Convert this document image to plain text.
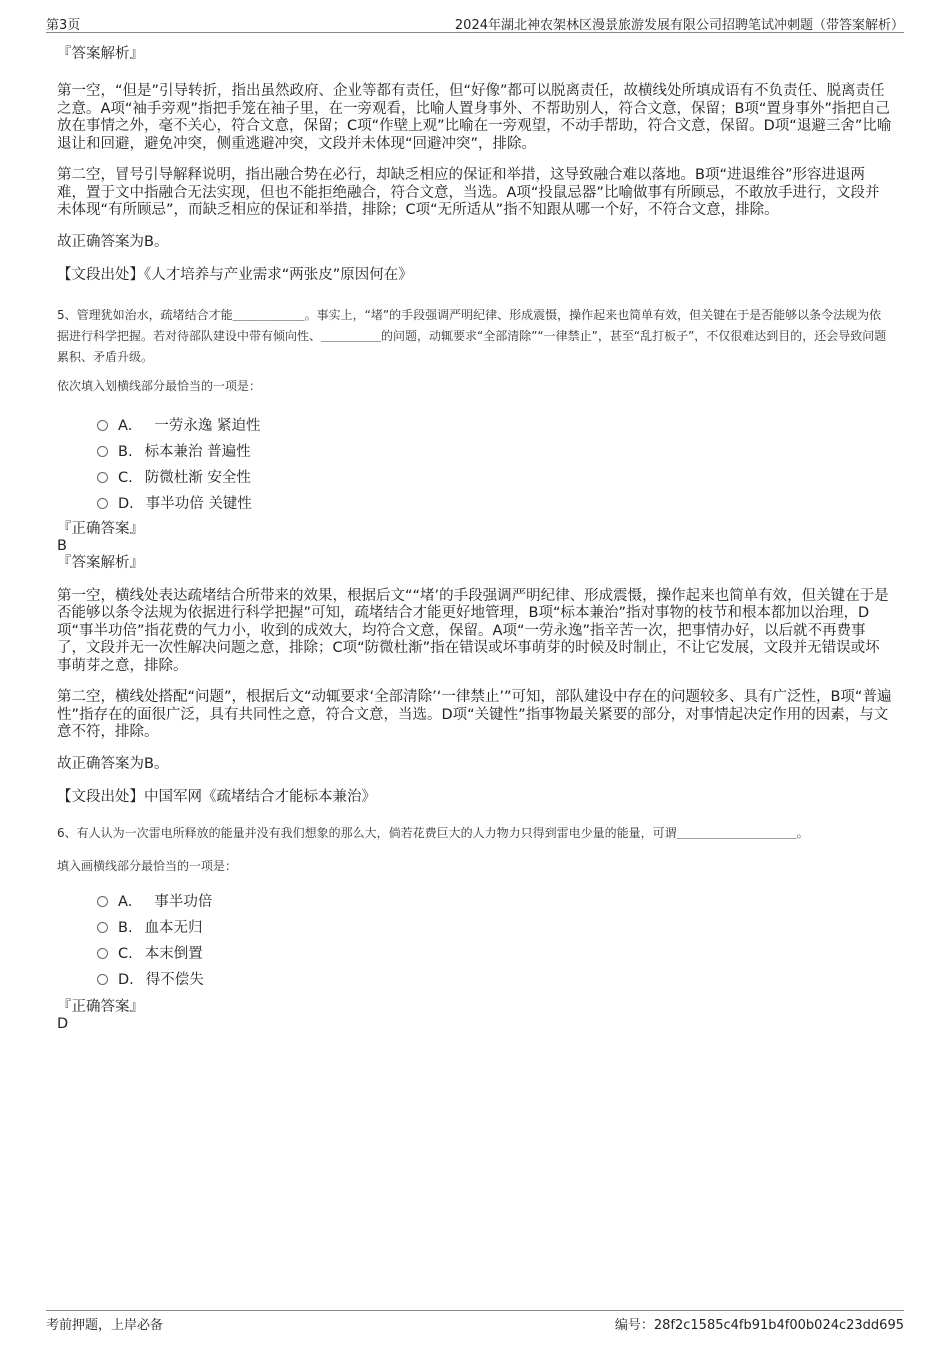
第3页	2024年湖北神农架林区漫景旅游发展有限公司招聘笔试冲刺题（带答案解析）

『答案解析』

第一空，“但是”引导转折，指出虽然政府、企业等都有责任，但“好像”都可以脱离责任，故横线处所填成语有不负责任、脱离责任之意。A项“袖手旁观”指把手笼在袖子里，在一旁观看，比喻人置身事外、不帮助别人，符合文意，保留；B项“置身事外”指把自己放在事情之外，毫不关心，符合文意，保留；C项“作壁上观”比喻在一旁观望，不动手帮助，符合文意，保留。D项“退避三舍”比喻退让和回避，避免冲突，侧重逃避冲突，文段并未体现“回避冲突”，排除。

第二空，冒号引导解释说明，指出融合势在必行，却缺乏相应的保证和举措，这导致融合难以落地。B项“进退维谷”形容进退两难，置于文中指融合无法实现，但也不能拒绝融合，符合文意，当选。A项“投鼠忌器”比喻做事有所顾忌，不敢放手进行，文段并未体现“有所顾忌”，而缺乏相应的保证和举措，排除；C项“无所适从”指不知跟从哪一个好，不符合文意，排除。

故正确答案为B。

【文段出处】《人才培养与产业需求“两张皮”原因何在》

5、管理犹如治水，疏堵结合才能＿＿＿＿＿＿。事实上，“堵”的手段强调严明纪律、形成震慑，操作起来也简单有效，但关键在于是否能够以条令法规为依据进行科学把握。若对待部队建设中带有倾向性、＿＿＿＿＿的问题，动辄要求“全部清除”“一律禁止”，甚至“乱打板子”，不仅很难达到目的，还会导致问题累积、矛盾升级。

依次填入划横线部分最恰当的一项是：

A． 一劳永逸 紧迫性
B. 标本兼治 普遍性
C. 防微杜渐 安全性
D. 事半功倍 关键性

『正确答案』

B

『答案解析』

第一空，横线处表达疏堵结合所带来的效果，根据后文““堵’的手段强调严明纪律、形成震慑，操作起来也简单有效，但关键在于是否能够以条令法规为依据进行科学把握”可知，疏堵结合才能更好地管理，B项“标本兼治”指对事物的枝节和根本都加以治理，D项“事半功倍”指花费的气力小，收到的成效大，均符合文意，保留。A项“一劳永逸”指辛苦一次，把事情办好，以后就不再费事了，文段并无一次性解决问题之意，排除；C项“防微杜渐”指在错误或坏事萌芽的时候及时制止，不让它发展，文段并无错误或坏事萌芽之意，排除。

第二空，横线处搭配“问题”，根据后文“动辄要求‘全部清除’‘一律禁止’”可知，部队建设中存在的问题较多、具有广泛性，B项“普遍性”指存在的面很广泛，具有共同性之意，符合文意，当选。D项“关键性”指事物最关紧要的部分，对事情起决定作用的因素，与文意不符，排除。

故正确答案为B。

【文段出处】中国军网《疏堵结合才能标本兼治》

6、有人认为一次雷电所释放的能量并没有我们想象的那么大，倘若花费巨大的人力物力只得到雷电少量的能量，可谓＿＿＿＿＿＿＿＿＿＿。

填入画横线部分最恰当的一项是：

A． 事半功倍
B. 血本无归
C. 本末倒置
D. 得不偿失

『正确答案』

D

考前押题，上岸必备	编号：28f2c1585c4fb91b4f00b024c23dd695
